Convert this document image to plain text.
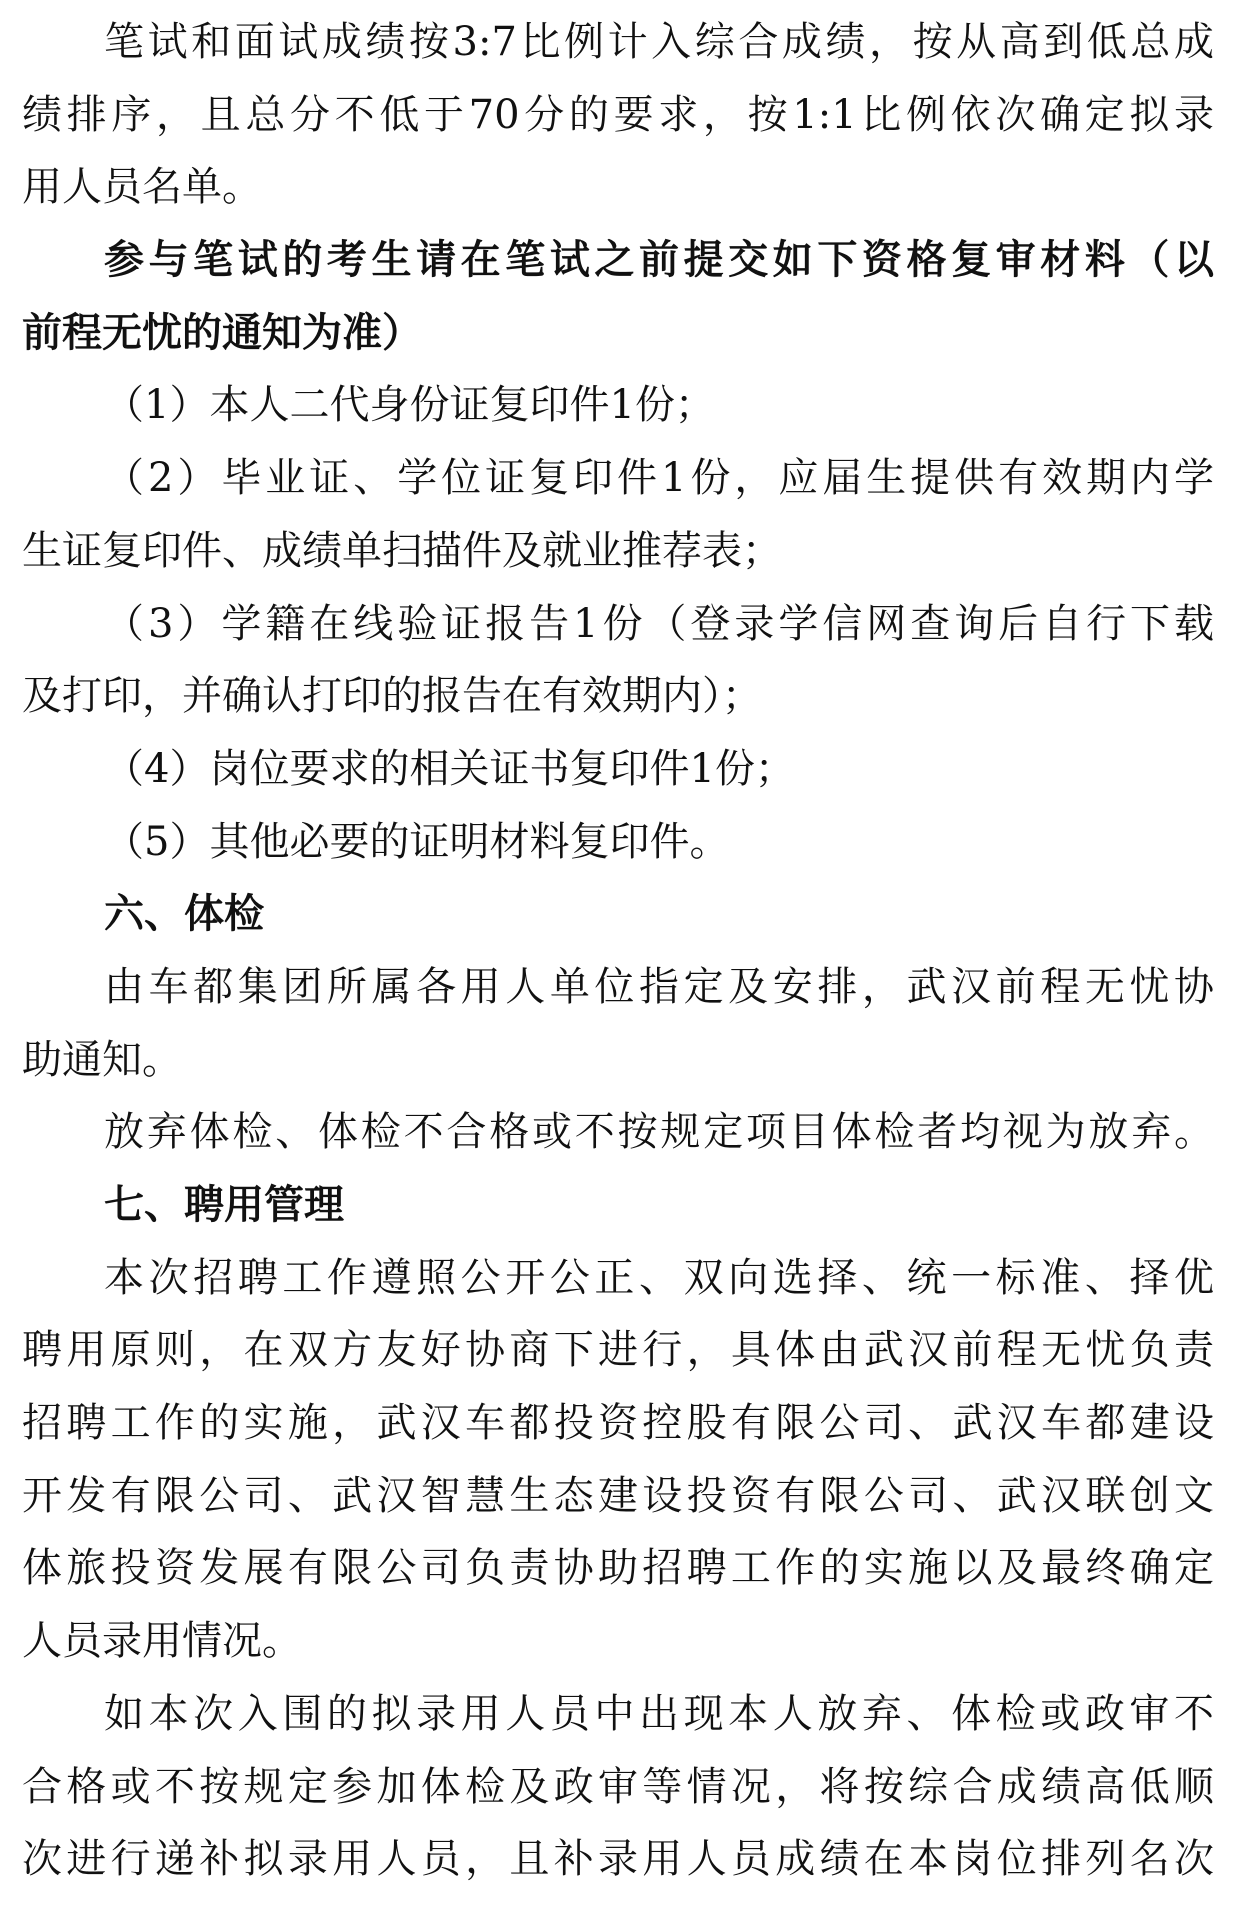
笔试和面试成绩按3:7比例计入综合成绩，按从高到低总成
绩排序，且总分不低于70分的要求，按1:1比例依次确定拟录
用人员名单。
参与笔试的考生请在笔试之前提交如下资格复审材料（以
前程无忧的通知为准）
（1）本人二代身份证复印件1份；
（2）毕业证、学位证复印件1份，应届生提供有效期内学
生证复印件、成绩单扫描件及就业推荐表；
（3）学籍在线验证报告1份（登录学信网查询后自行下载
及打印，并确认打印的报告在有效期内）；
（4）岗位要求的相关证书复印件1份；
（5）其他必要的证明材料复印件。
六、体检
由车都集团所属各用人单位指定及安排，武汉前程无忧协
助通知。
放弃体检、体检不合格或不按规定项目体检者均视为放弃。
七、聘用管理
本次招聘工作遵照公开公正、双向选择、统一标准、择优
聘用原则，在双方友好协商下进行，具体由武汉前程无忧负责
招聘工作的实施，武汉车都投资控股有限公司、武汉车都建设
开发有限公司、武汉智慧生态建设投资有限公司、武汉联创文
体旅投资发展有限公司负责协助招聘工作的实施以及最终确定
人员录用情况。
如本次入围的拟录用人员中出现本人放弃、体检或政审不
合格或不按规定参加体检及政审等情况，将按综合成绩高低顺
次进行递补拟录用人员，且补录用人员成绩在本岗位排列名次
